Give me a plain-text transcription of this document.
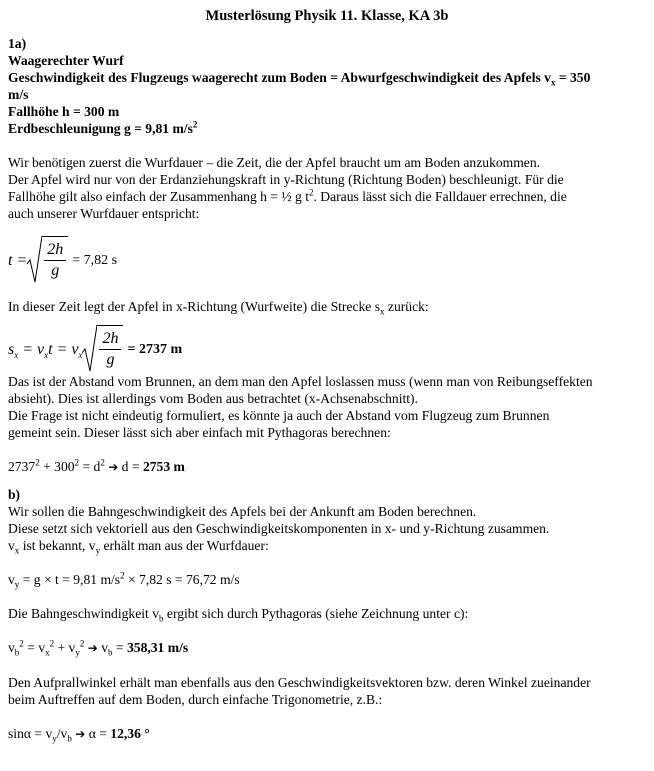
Musterlösung Physik 11. Klasse, KA 3b

1a)

Waagerechter Wurf

Geschwindigkeit des Flugzeugs waagerecht zum Boden = Abwurfgeschwindigkeit des Apfels $v_x = 350$

m/s

Fallhöhe h = 300 m

Erdbeschleunigung g = 9,81 $m/s^2$

Wir benötigen zuerst die Wurfdauer – die Zeit, die der Apfel braucht um am Boden anzukommen.

Der Apfel wird nur von der Erdanziehungskraft in y-Richtung (Richtung Boden) beschleunigt. Für die

Fallhöhe gilt also einfach der Zusammenhang h = ½ g $t^2$. Daraus lässt sich die Falldauer errechnen, die

auch unserer Wurfdauer entspricht:

$t = \frac{2h}{g} = 7,82$ s

In dieser Zeit legt der Apfel in x-Richtung (Wurfweite) die Strecke $s_x$ zurück:

$s_x = v_xt = v_x \frac{2h}{g} = 2737$ m

Das ist der Abstand vom Brunnen, an dem man den Apfel loslassen muss (wenn man von Reibungseffekten

absieht). Dies ist allerdings vom Boden aus betrachtet (x-Achsenabschnitt).

Die Frage ist nicht eindeutig formuliert, es könnte ja auch der Abstand vom Flugzeug zum Brunnen

gemeint sein. Dieser lässt sich aber einfach mit Pythagoras berechnen:

$2737^2 + 300^2 = d^2$ ➔ d = 2753 m

b)

Wir sollen die Bahngeschwindigkeit des Apfels bei der Ankunft am Boden berechnen.

Diese setzt sich vektoriell aus den Geschwindigkeitskomponenten in x- und y-Richtung zusammen.

$v_x$ ist bekannt, $v_y$ erhält man aus der Wurfdauer:

$v_y = g \times t = 9,81$ $m/s^2 \times 7,82$ s = 76,72 m/s

Die Bahngeschwindigkeit $v_b$ ergibt sich durch Pythagoras (siehe Zeichnung unter c):

$v_b^2 = v_x^2 + v_y^2$ ➔ $v_b = 358,31$ m/s

Den Aufprallwinkel erhält man ebenfalls aus den Geschwindigkeitsvektoren bzw. deren Winkel zueinander

beim Auftreffen auf dem Boden, durch einfache Trigonometrie, z.B.:

$\sin\alpha = v_y/v_b$ ➔ α = 12,36 °
